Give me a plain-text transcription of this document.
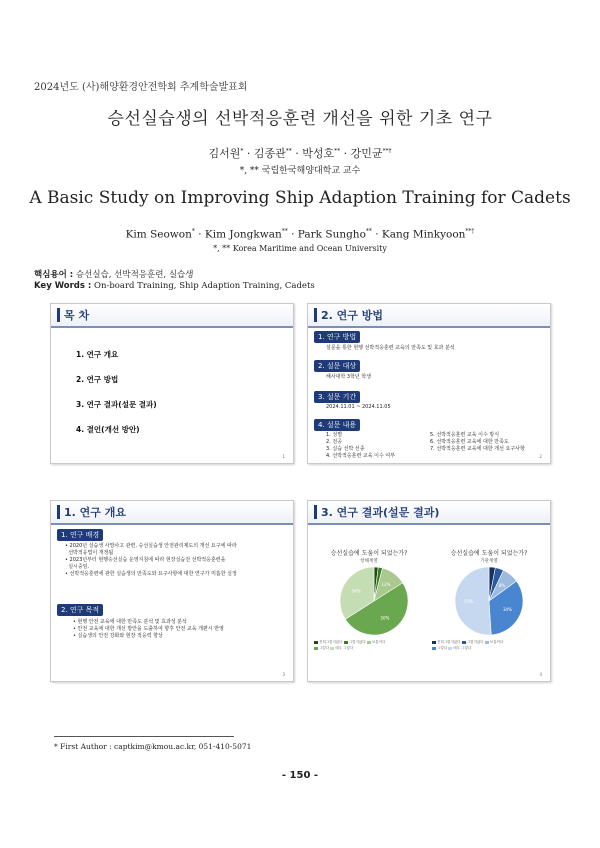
2024년도 (사)해양환경안전학회 추계학술발표회
승선실습생의 선박적응훈련 개선을 위한 기초 연구
김서원* · 김종관** · 박성호** · 강민균**†
*, ** 국립한국해양대학교 교수
A Basic Study on Improving Ship Adaption Training for Cadets
Kim Seowon* · Kim Jongkwan** · Park Sungho** · Kang Minkyoon**†
*, ** Korea Maritime and Ocean University
핵심용어 : 승선실습, 선박적응훈련, 실습생
Key Words : On-board Training, Ship Adaption Training, Cadets
목 차
1. 연구 개요
2. 연구 방법
3. 연구 결과(설문 결과)
4. 결언(개선 방안)
1
2. 연구 방법
1. 연구 방법
설문을 통한 현행 선박적응훈련 교육의 만족도 및 효과 분석
2. 설문 대상
해사대학 3학년 학생
3. 설문 기간
2024.11.01 ~ 2024.11.05
4. 설문 내용
1. 성별
2. 전공
3. 실습 선박 선종
4. 선박적응훈련 교육 이수 여부
5. 선박적응훈련 교육 이수 방식
6. 선박적응훈련 교육에 대한 만족도
7. 선박적응훈련 교육에 대한 개선 요구사항
2
1. 연구 개요
1. 연구 배경
• 2020년 실습생 사망사고 관련, 승선실습생 안전관리제도의 개선 요구에 따라
선박적응법이 개정됨
• 2023년부터 현행승선실습 운영지침에 따라 현장실습전 선박적응훈련을
실시중임.
• 선박적응훈련에 관한 실습생의 만족도와 요구사항에 대한 연구가 미흡한 실정
2. 연구 목적
• 현행 안전 교육에 대한 만족도 분석 및 효과성 분석
• 안전 교육에 대한 개선 방안을 도출하여 향후 안전 교육 개편시 반영
• 실습생의 안전 강화와 현장 적응력 향상
3
3. 연구 결과(설문 결과)
승선실습에 도움이 되었는가?
항해계열
12%
50%
34%
전혀그렇지않다 그렇지않다 보통이다
그렇다 매우 그렇다
승선실습에 도움이 되었는가?
기관계열
8%
34%
51%
전혀그렇지않다 그렇지않다 보통이다
그렇다 매우 그렇다
4
* First Author : captkim@kmou.ac.kr, 051-410-5071
- 150 -
